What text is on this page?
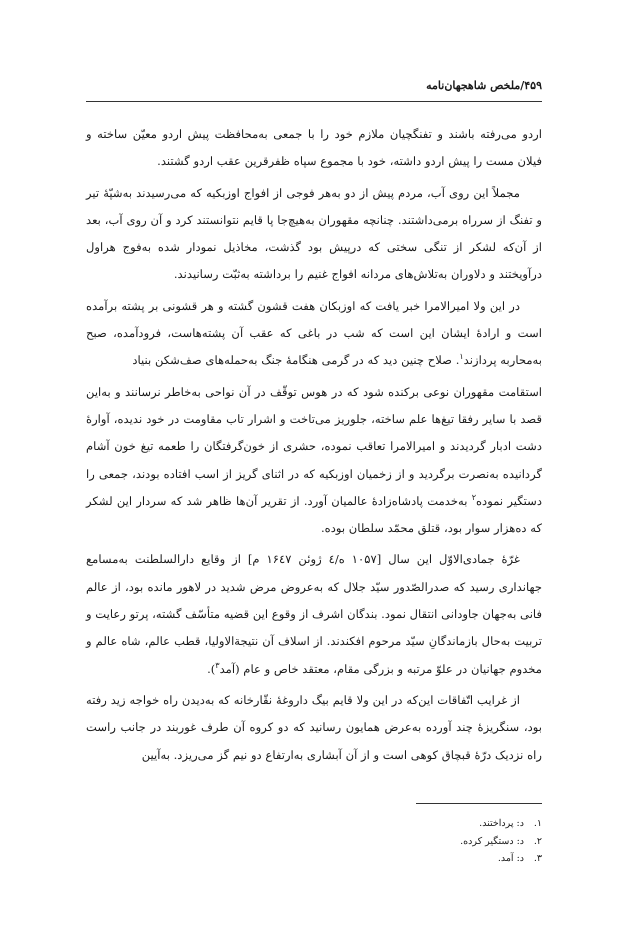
۴۵۹/ملخص شاهجهان‌نامه

اردو می‌رفته باشند و تفنگچیان ملازم خود را با جمعی به‌محافظت پیش اردو معیّن ساخته و فیلان مست را پیش اردو داشته، خود با مجموع سپاه ظفرقرین عقب اردو گشتند.

مجملاً این روی آب، مردم پیش از دو به‌هر فوجی از افواج اوزبکیه که می‌رسیدند به‌شپّهٔ تیر و تفنگ از سرراه برمی‌داشتند. چنانچه مقهوران به‌هیچ‌جا پا قایم نتوانستند کرد و آن روی آب، بعد از آن‌که لشکر از تنگی سختی که درپیش بود گذشت، مخاذیل نمودار شده به‌فوج هراول درآویختند و دلاوران به‌تلاش‌های مردانه افواج غنیم را برداشته به‌ثبّت رسانیدند.

در این ولا امیرالامرا خبر یافت که اوزبکان هفت قشون گشته و هر قشونی بر پشته برآمده است و ارادهٔ ایشان این است که شب در باغی که عقب آن پشته‌هاست، فرودآمده، صبح به‌محاربه پردازند$^۱$. صلاح چنین دید که در گرمی هنگامهٔ جنگ به‌حمله‌های صف‌شکن بنیاد

استقامت مقهوران نوعی برکنده شود که در هوس توقّف در آن نواحی به‌خاطر نرسانند و به‌این قصد با سایر رفقا تیغ‌ها علم ساخته، جلوریز می‌تاخت و اشرار تاب مقاومت در خود ندیده، آوارهٔ دشت ادبار گردیدند و امیرالامرا تعاقب نموده، حشری از خون‌گرفتگان را طعمه تیغ خون آشام گردانیده به‌نصرت برگردید و از زخمیان اوزبکیه که در اثنای گریز از اسب افتاده بودند، جمعی را دستگیر نموده$^۲$ به‌خدمت پادشاه‌زادهٔ عالمیان آورد. از تقریر آن‌ها ظاهر شد که سردار این لشکر که ده‌هزار سوار بود، قتلق محمّد سلطان بوده.

غرّهٔ جمادی‌الاوّل این سال [۱۰۵۷ ه/٤ ژوئن ۱۶٤۷ م] از وقایع دارالسلطنت به‌مسامع جهانداری رسید که صدرالصّدور سیّد جلال که به‌عروض مرض شدید در لاهور مانده بود، از عالم فانی به‌جهان جاودانی انتقال نمود. بندگان اشرف از وقوع این قضیه متأسّف گشته، پرتو رعایت و تربیت به‌حال بازماندگانِ سیّد مرحوم افکندند. از اسلاف آن نتیجةالاولیا، قطب عالم، شاه عالم و مخدوم جهانیان در علوّ مرتبه و بزرگی مقام، معتقد خاص و عام (آمد$^۳$).

از غرایب اتّفاقات این‌که در این ولا قایم بیگ داروغهٔ نقّارخانه که به‌دیدن راه خواجه زید رفته بود، سنگریزهٔ چند آورده به‌عرض همایون رسانید که دو کروه آن طرف غوربند در جانب راست راه نزدیک درّهٔ قبچاق کوهی است و از آن آبشاری به‌ارتفاع دو نیم گز می‌ریزد. به‌آیین

۱.د: پرداختند.
۲.د: دستگیر کرده.
۳.د: آمد.
